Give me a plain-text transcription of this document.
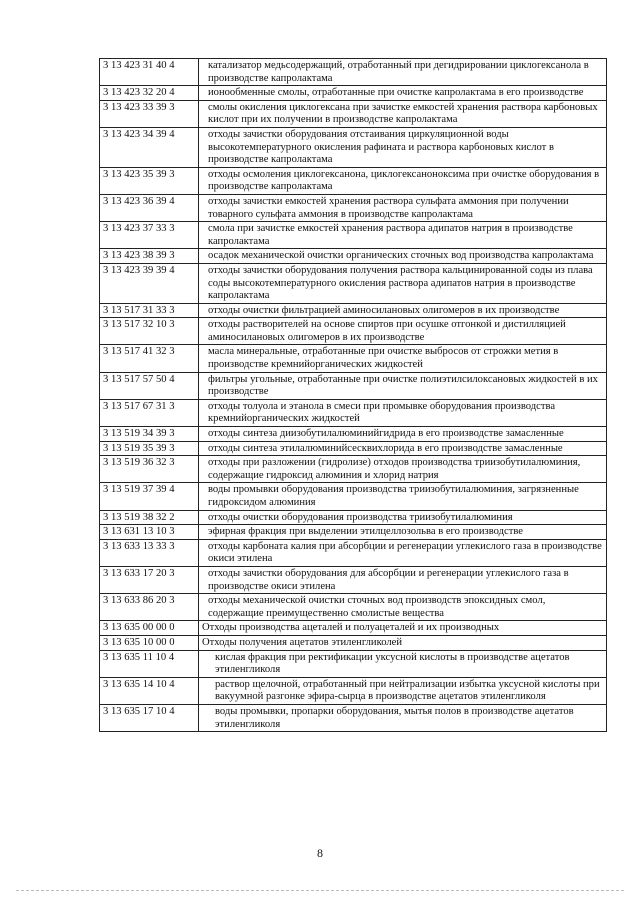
3 13 423 31 40 4	катализатор медьсодержащий, отработанный при дегидрировании циклогексанола в производстве капролактама
3 13 423 32 20 4	ионообменные смолы, отработанные при очистке капролактама в его производстве
3 13 423 33 39 3	смолы окисления циклогексана при зачистке емкостей хранения раствора карбоновых кислот при их получении в производстве капролактама
3 13 423 34 39 4	отходы зачистки оборудования отстаивания циркуляционной воды высокотемпературного окисления рафината и раствора карбоновых кислот в производстве капролактама
3 13 423 35 39 3	отходы осмоления циклогексанона, циклогексаноноксима при очистке оборудования в производстве капролактама
3 13 423 36 39 4	отходы зачистки емкостей хранения раствора сульфата аммония при получении товарного сульфата аммония в производстве капролактама
3 13 423 37 33 3	смола при зачистке емкостей хранения раствора адипатов натрия в производстве капролактама
3 13 423 38 39 3	осадок механической очистки органических сточных вод производства капролактама
3 13 423 39 39 4	отходы зачистки оборудования получения раствора кальцинированной соды из плава соды высокотемпературного окисления раствора адипатов натрия в производстве капролактама
3 13 517 31 33 3	отходы очистки фильтрацией аминосилановых олигомеров в их производстве
3 13 517 32 10 3	отходы растворителей на основе спиртов при осушке отгонкой и дистилляцией аминосилановых олигомеров в их производстве
3 13 517 41 32 3	масла минеральные, отработанные при очистке выбросов от строжки метия в производстве кремнийорганических жидкостей
3 13 517 57 50 4	фильтры угольные, отработанные при очистке полиэтилсилоксановых жидкостей в их производстве
3 13 517 67 31 3	отходы толуола и этанола в смеси при промывке оборудования производства кремнийорганических жидкостей
3 13 519 34 39 3	отходы синтеза диизобутилалюминийгидрида в его производстве замасленные
3 13 519 35 39 3	отходы синтеза этилалюминийсесквихлорида в его производстве замасленные
3 13 519 36 32 3	отходы при разложении (гидролизе) отходов производства триизобутилалюминия, содержащие гидроксид алюминия и хлорид натрия
3 13 519 37 39 4	воды промывки оборудования производства триизобутилалюминия, загрязненные гидроксидом алюминия
3 13 519 38 32 2	отходы очистки оборудования производства триизобутилалюминия
3 13 631 13 10 3	эфирная фракция при выделении этилцеллозольва в его производстве
3 13 633 13 33 3	отходы карбоната калия при абсорбции и регенерации углекислого газа в производстве окиси этилена
3 13 633 17 20 3	отходы зачистки оборудования для абсорбции и регенерации углекислого газа в производстве окиси этилена
3 13 633 86 20 3	отходы механической очистки сточных вод производств эпоксидных смол, содержащие преимущественно смолистые вещества
3 13 635 00 00 0	Отходы производства ацеталей и полуацеталей и их производных
3 13 635 10 00 0	Отходы получения ацетатов этиленгликолей
3 13 635 11 10 4	кислая фракция при ректификации уксусной кислоты в производстве ацетатов этиленгликоля
3 13 635 14 10 4	раствор щелочной, отработанный при нейтрализации избытка уксусной кислоты при вакуумной разгонке эфира-сырца в производстве ацетатов этиленгликоля
3 13 635 17 10 4	воды промывки, пропарки оборудования, мытья полов в производстве ацетатов этиленгликоля
8
